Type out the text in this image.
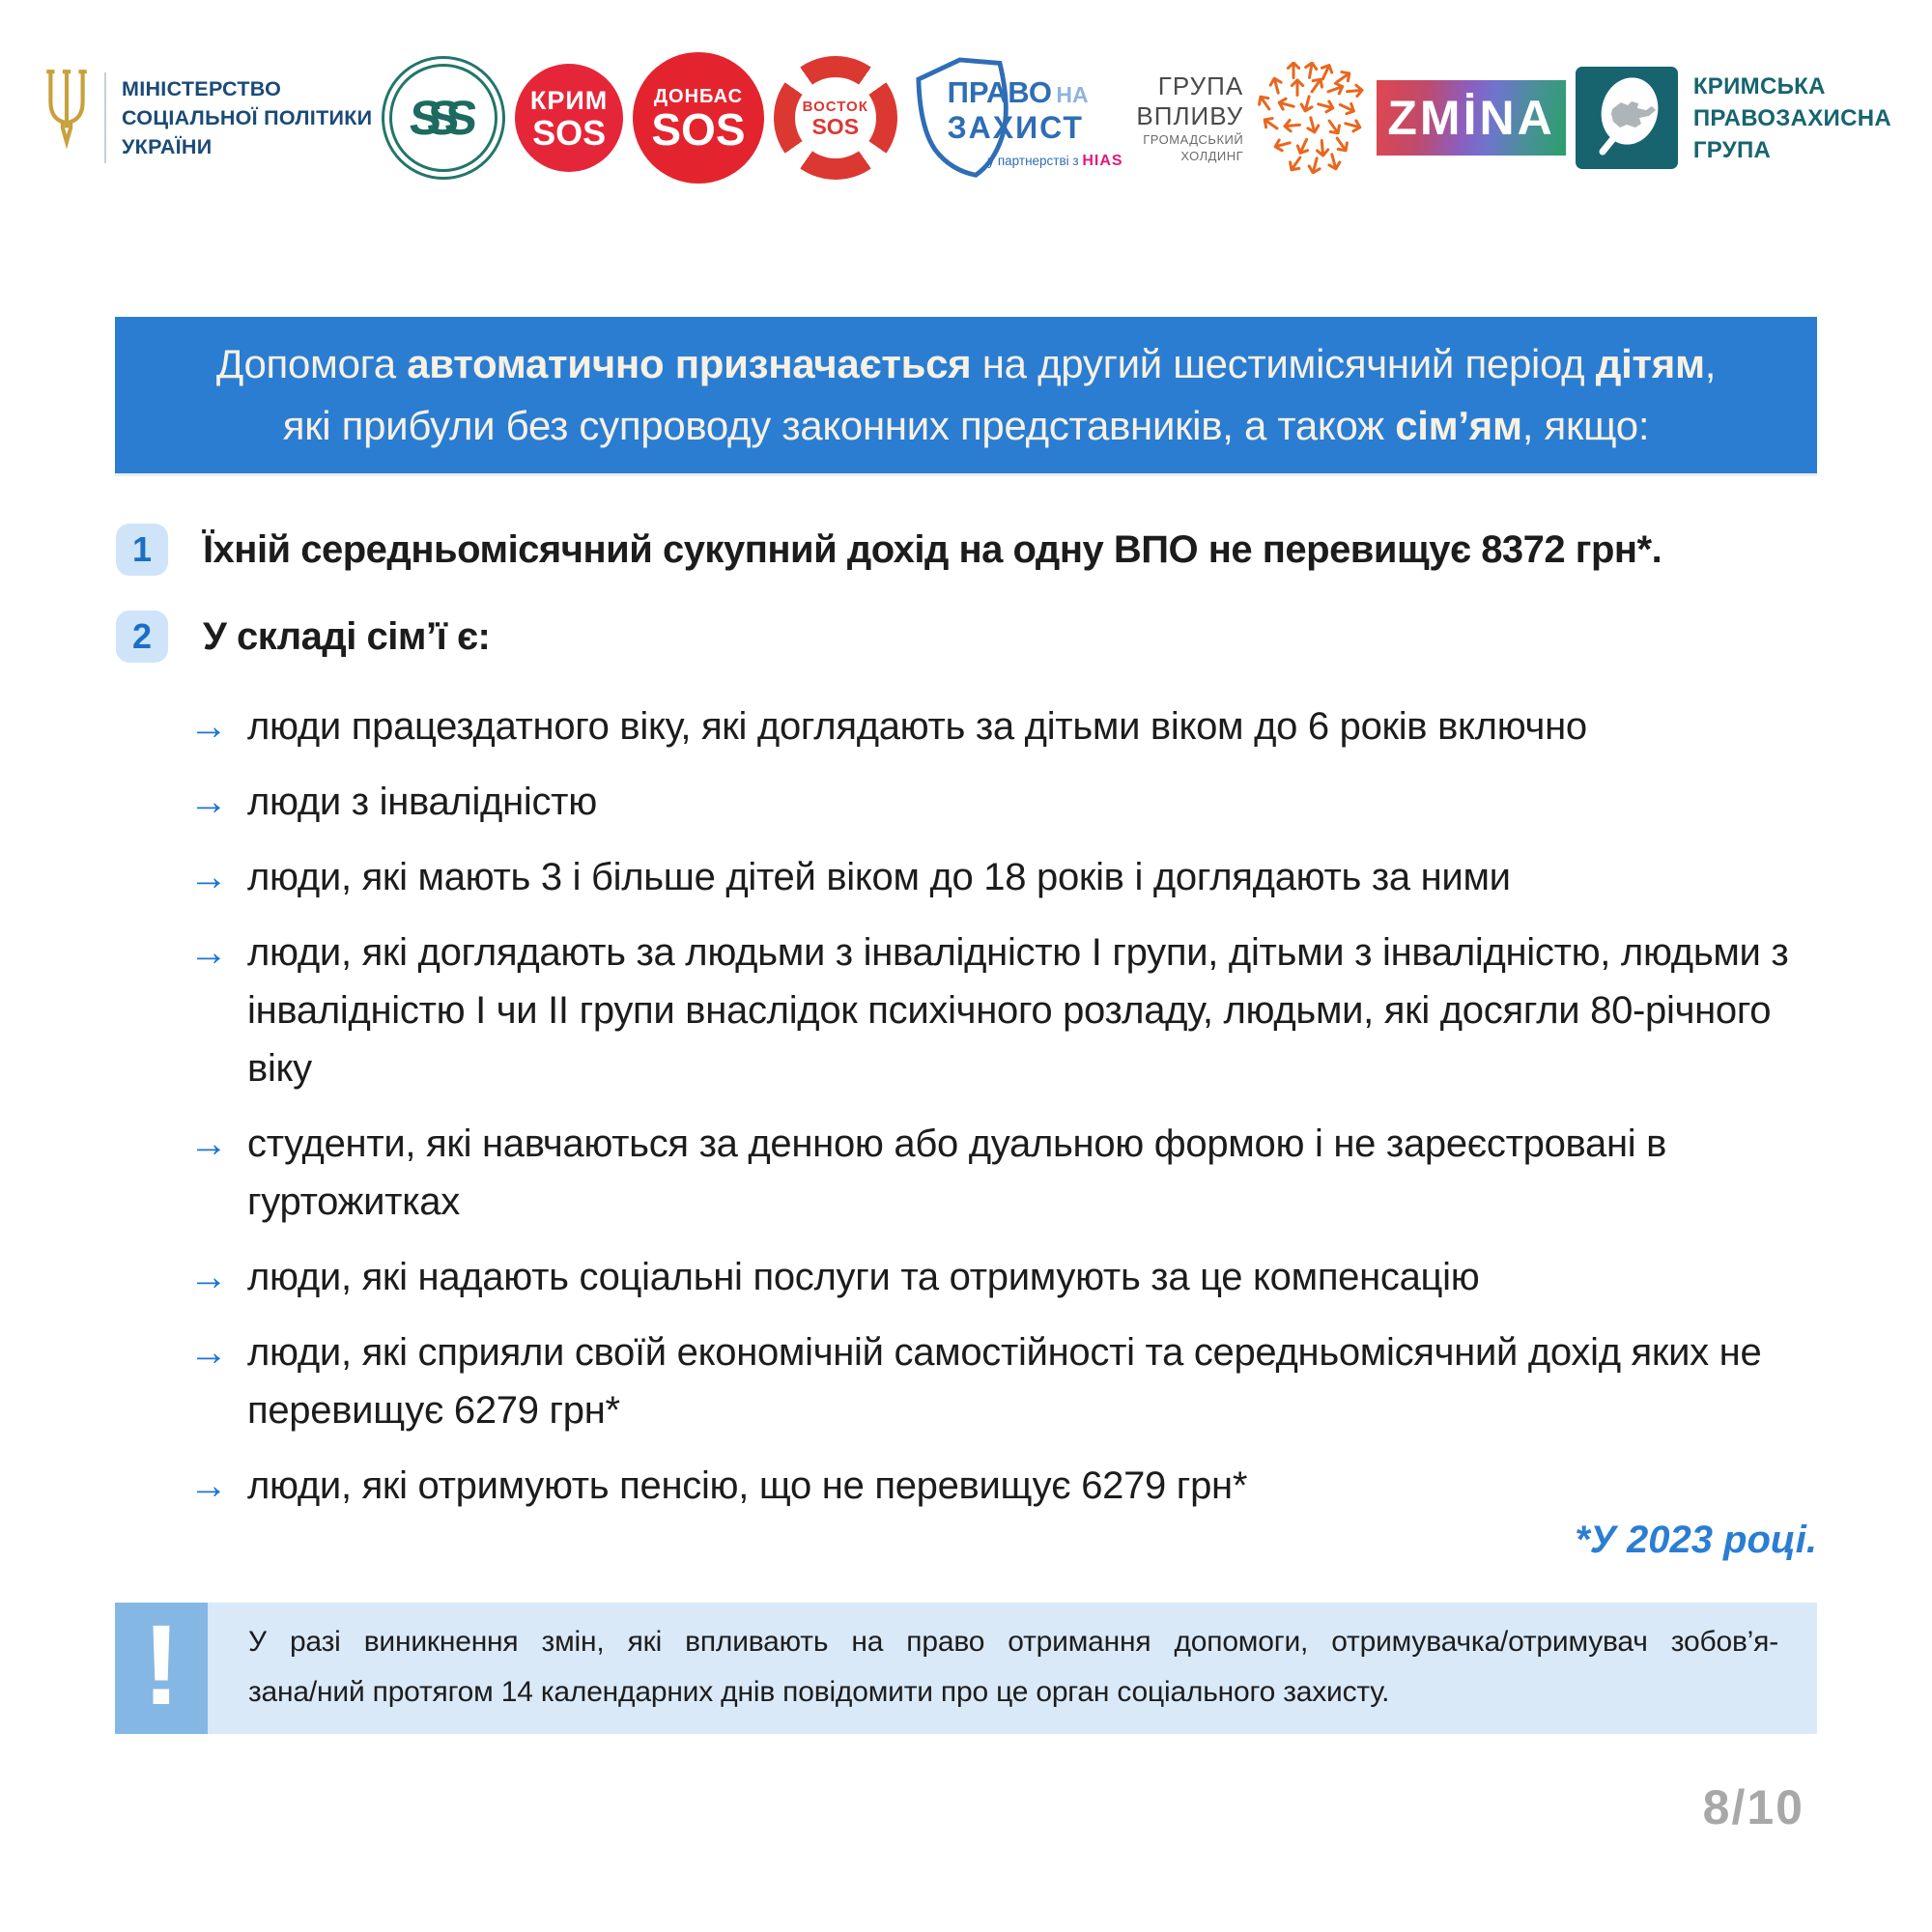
МІНІСТЕРСТВО
СОЦІАЛЬНОЇ ПОЛІТИКИ
УКРАЇНИ
SSS	КРИМ
SOS
ДОНБАС
SOS	ВОСТОК
SOS
ПРАВО НА
ЗАХИСТ
у партнерстві з HIAS
ГРУПА
ВПЛИВУ
ГРОМАДСЬКИЙ
ХОЛДИНГ
ZMİNA
КРИМСЬКА
ПРАВОЗАХИСНА
ГРУПА
Допомога автоматично призначається на другий шестимісячний період дітям,
які прибули без супроводу законних представників, а також сім’ям, якщо:
1	Їхній середньомісячний сукупний дохід на одну ВПО не перевищує 8372 грн*.
2	У складі сім’ї є:
→ люди працездатного віку, які доглядають за дітьми віком до 6 років включно
→ люди з інвалідністю
→ люди, які мають 3 і більше дітей віком до 18 років і доглядають за ними
→ люди, які доглядають за людьми з інвалідністю І групи, дітьми з інвалідністю, людьми з інвалідністю І чи ІІ групи внаслідок психічного розладу, людьми, які досягли 80-річного віку
→ студенти, які навчаються за денною або дуальною формою і не зареєстровані в гуртожитках
→ люди, які надають соціальні послуги та отримують за це компенсацію
→ люди, які сприяли своїй економічній самостійності та середньомісячний дохід яких не перевищує 6279 грн*
→ люди, які отримують пенсію, що не перевищує 6279 грн*
*У 2023 році.
!	У разі виникнення змін, які впливають на право отримання допомоги, отримувачка/отримувач зобов’я-
зана/ний протягом 14 календарних днів повідомити про це орган соціального захисту.
8/10
